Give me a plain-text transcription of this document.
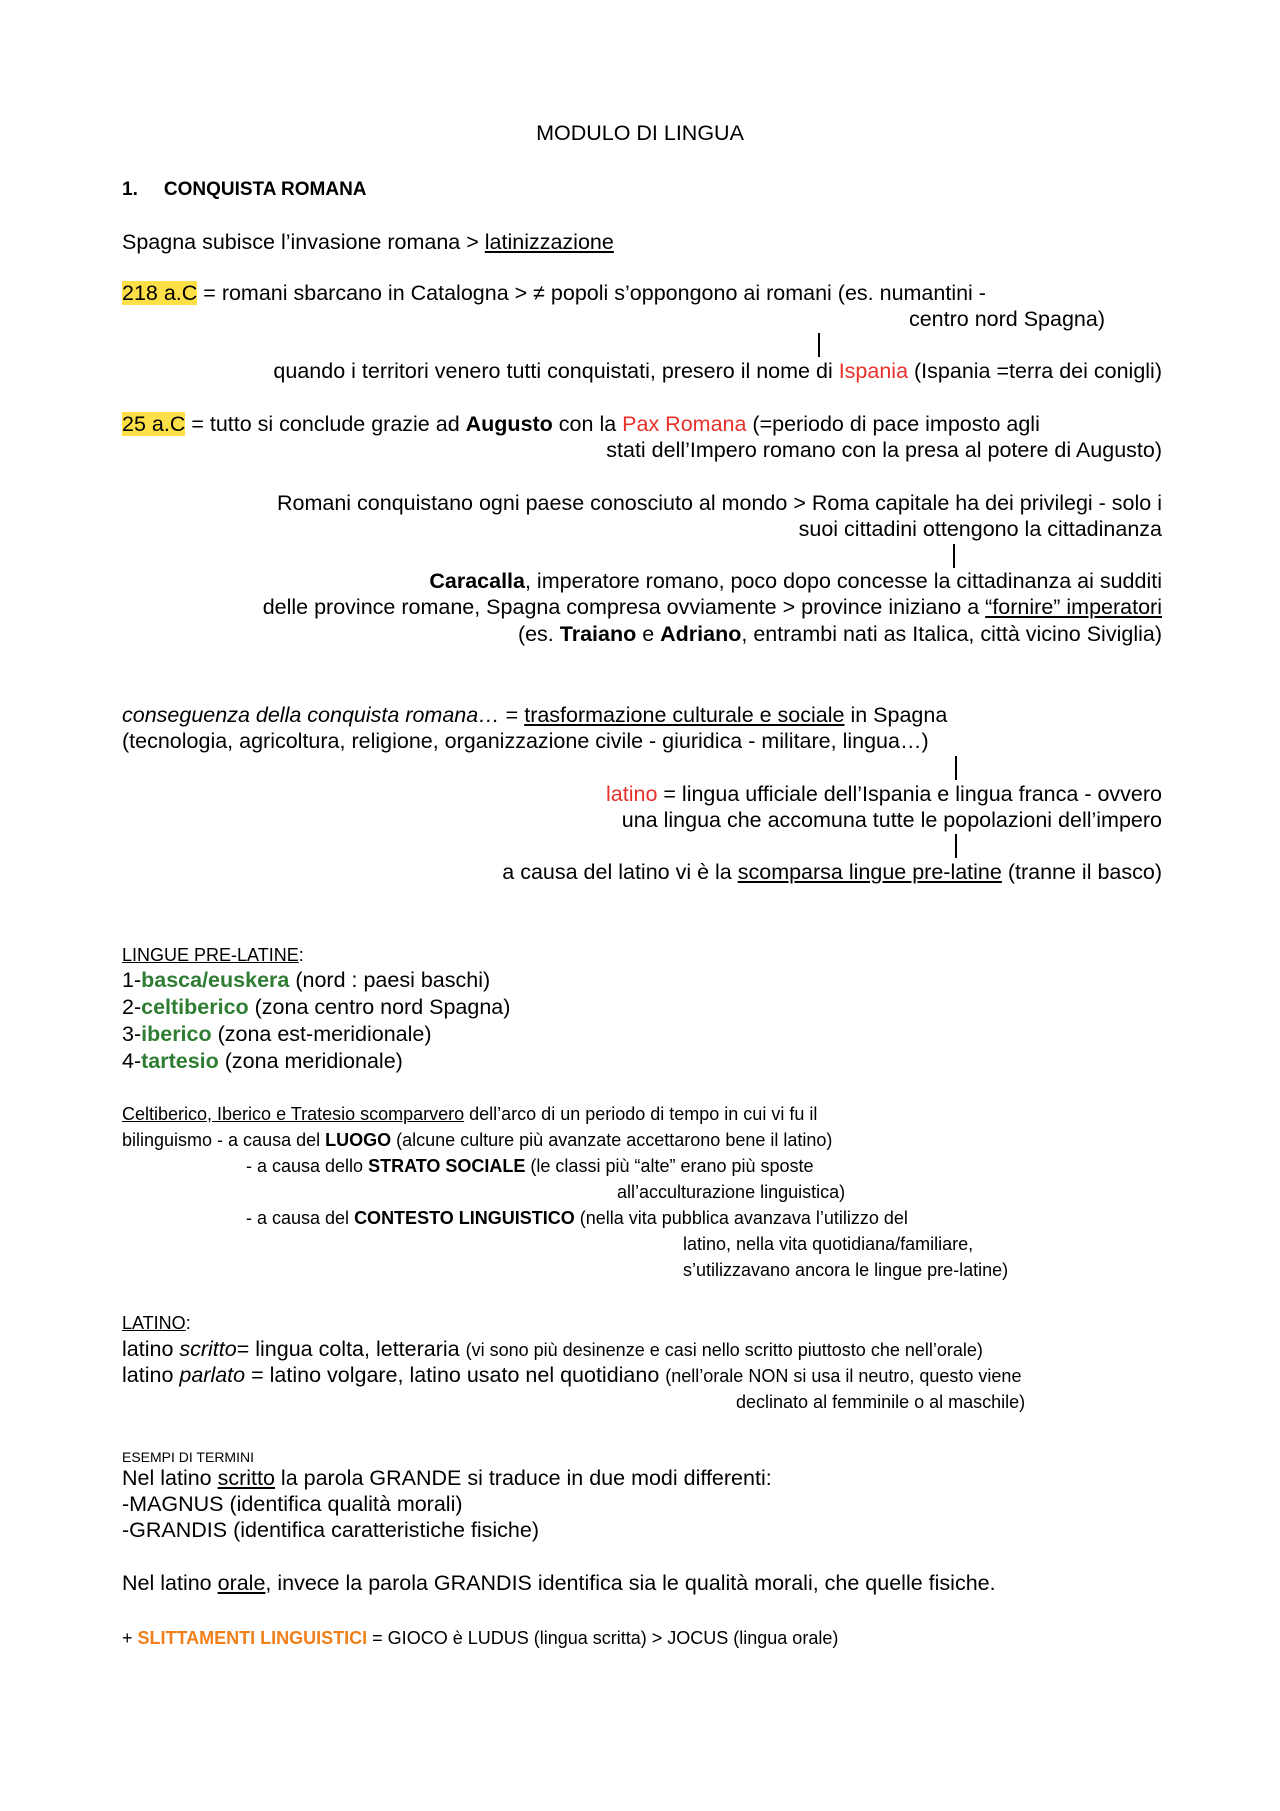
MODULO DI LINGUA
1. CONQUISTA ROMANA
Spagna subisce l’invasione romana > latinizzazione
218 a.C = romani sbarcano in Catalogna > ≠ popoli s’oppongono ai romani (es. numantini -
centro nord Spagna)
quando i territori venero tutti conquistati, presero il nome di Ispania (Ispania =terra dei conigli)
25 a.C = tutto si conclude grazie ad Augusto con la Pax Romana (=periodo di pace imposto agli
stati dell’Impero romano con la presa al potere di Augusto)
Romani conquistano ogni paese conosciuto al mondo > Roma capitale ha dei privilegi - solo i
suoi cittadini ottengono la cittadinanza
Caracalla, imperatore romano, poco dopo concesse la cittadinanza ai sudditi
delle province romane, Spagna compresa ovviamente > province iniziano a “fornire” imperatori
(es. Traiano e Adriano, entrambi nati as Italica, città vicino Siviglia)
conseguenza della conquista romana… = trasformazione culturale e sociale in Spagna
(tecnologia, agricoltura, religione, organizzazione civile - giuridica - militare, lingua…)
latino = lingua ufficiale dell’Ispania e lingua franca - ovvero
una lingua che accomuna tutte le popolazioni dell’impero
a causa del latino vi è la scomparsa lingue pre-latine (tranne il basco)
LINGUE PRE-LATINE:
1-basca/euskera (nord : paesi baschi)
2-celtiberico (zona centro nord Spagna)
3-iberico (zona est-meridionale)
4-tartesio (zona meridionale)
Celtiberico, Iberico e Tratesio scomparvero dell’arco di un periodo di tempo in cui vi fu il
bilinguismo - a causa del LUOGO (alcune culture più avanzate accettarono bene il latino)
- a causa dello STRATO SOCIALE (le classi più “alte” erano più sposte
all’acculturazione linguistica)
- a causa del CONTESTO LINGUISTICO (nella vita pubblica avanzava l’utilizzo del
latino, nella vita quotidiana/familiare,
s’utilizzavano ancora le lingue pre-latine)
LATINO:
latino scritto= lingua colta, letteraria (vi sono più desinenze e casi nello scritto piuttosto che nell’orale)
latino parlato = latino volgare, latino usato nel quotidiano (nell’orale NON si usa il neutro, questo viene
declinato al femminile o al maschile)
ESEMPI DI TERMINI
Nel latino scritto la parola GRANDE si traduce in due modi differenti:
-MAGNUS (identifica qualità morali)
-GRANDIS (identifica caratteristiche fisiche)
Nel latino orale, invece la parola GRANDIS identifica sia le qualità morali, che quelle fisiche.
+ SLITTAMENTI LINGUISTICI = GIOCO è LUDUS (lingua scritta) > JOCUS (lingua orale)
